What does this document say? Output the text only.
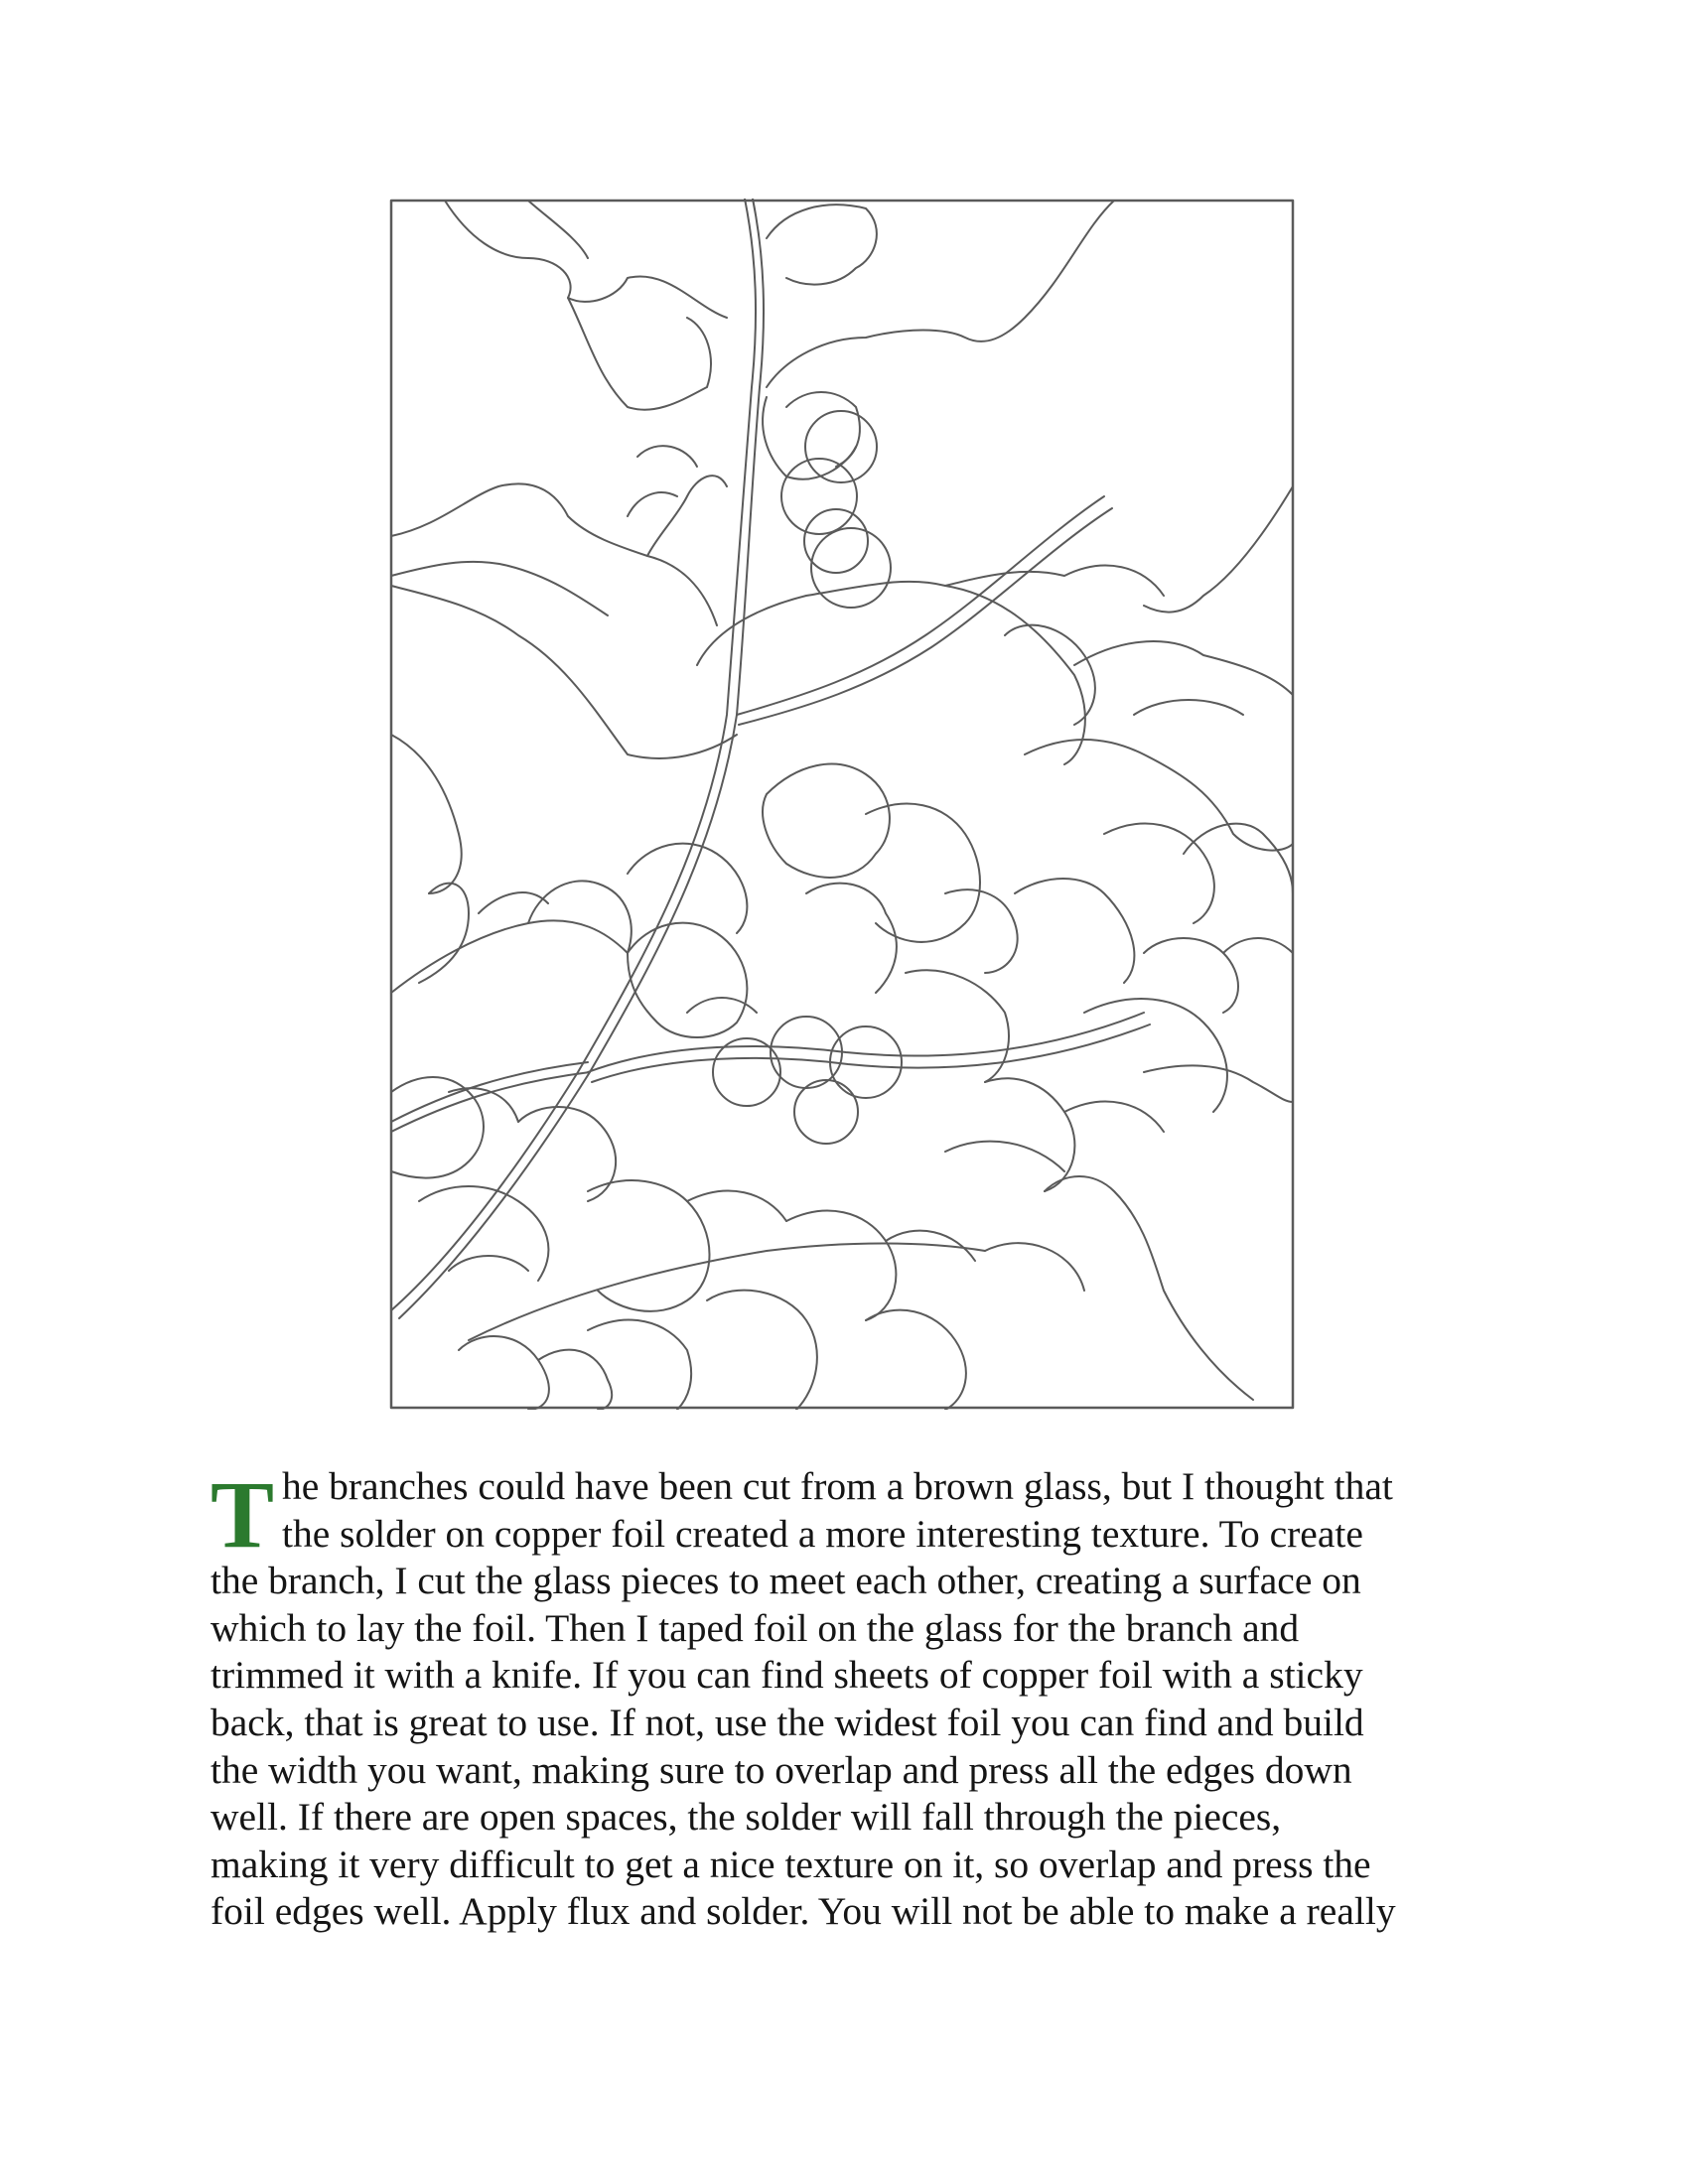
T he branches could have been cut from a brown glass, but I thought that
the solder on copper foil created a more interesting texture. To create
the branch, I cut the glass pieces to meet each other, creating a surface on
which to lay the foil. Then I taped foil on the glass for the branch and
trimmed it with a knife. If you can find sheets of copper foil with a sticky
back, that is great to use. If not, use the widest foil you can find and build
the width you want, making sure to overlap and press all the edges down
well. If there are open spaces, the solder will fall through the pieces,
making it very difficult to get a nice texture on it, so overlap and press the
foil edges well. Apply flux and solder. You will not be able to make a really
